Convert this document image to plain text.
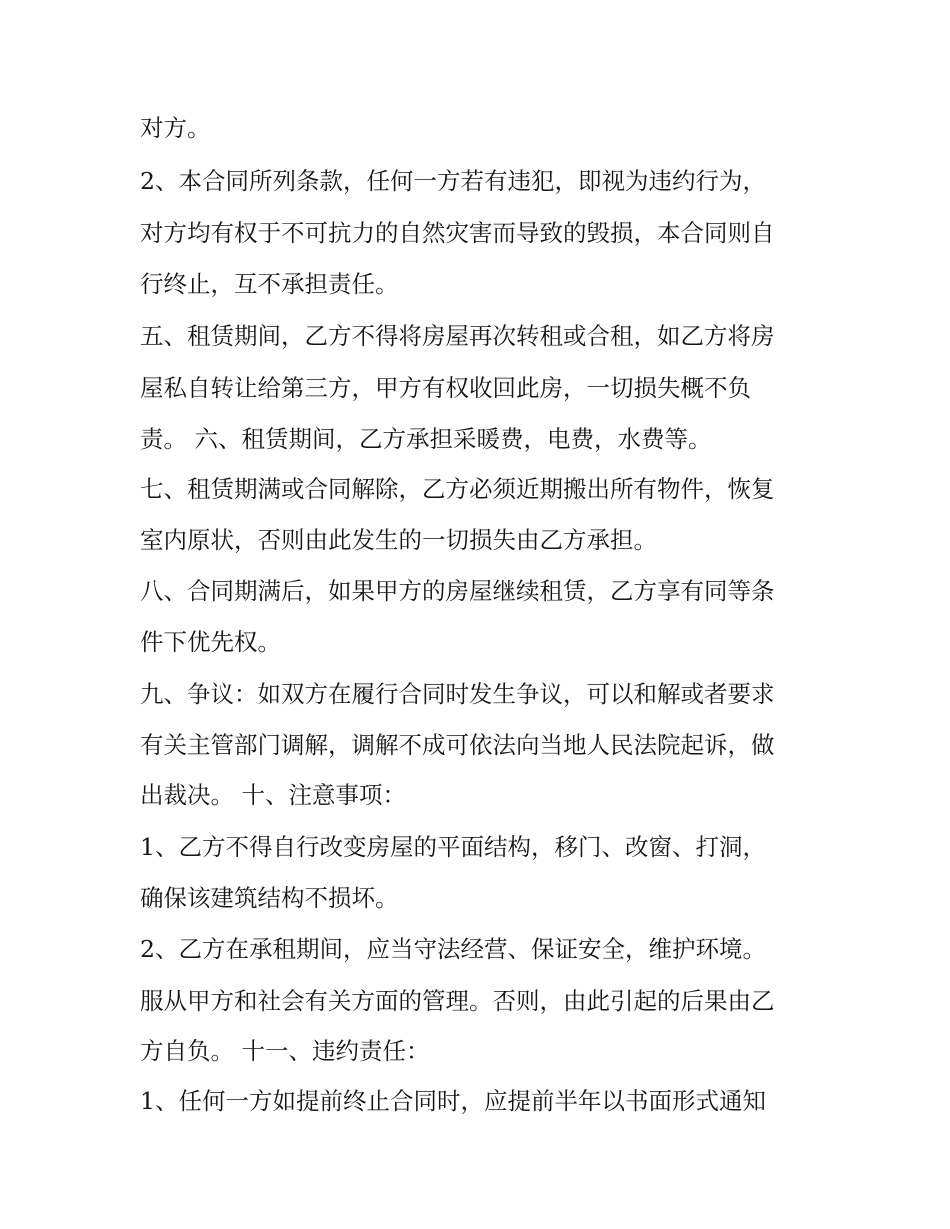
对方。
2、本合同所列条款，任何一方若有违犯，即视为违约行为，
对方均有权于不可抗力的自然灾害而导致的毁损，本合同则自
行终止，互不承担责任。
五、租赁期间，乙方不得将房屋再次转租或合租，如乙方将房
屋私自转让给第三方，甲方有权收回此房，一切损失概不负
责。 六、租赁期间，乙方承担采暖费，电费，水费等。
七、租赁期满或合同解除，乙方必须近期搬出所有物件，恢复
室内原状，否则由此发生的一切损失由乙方承担。
八、合同期满后，如果甲方的房屋继续租赁，乙方享有同等条
件下优先权。
九、争议：如双方在履行合同时发生争议，可以和解或者要求
有关主管部门调解，调解不成可依法向当地人民法院起诉，做
出裁决。 十、注意事项：
1、乙方不得自行改变房屋的平面结构，移门、改窗、打洞，
确保该建筑结构不损坏。
2、乙方在承租期间，应当守法经营、保证安全，维护环境。
服从甲方和社会有关方面的管理。否则，由此引起的后果由乙
方自负。 十一、违约责任：
1、任何一方如提前终止合同时，应提前半年以书面形式通知
